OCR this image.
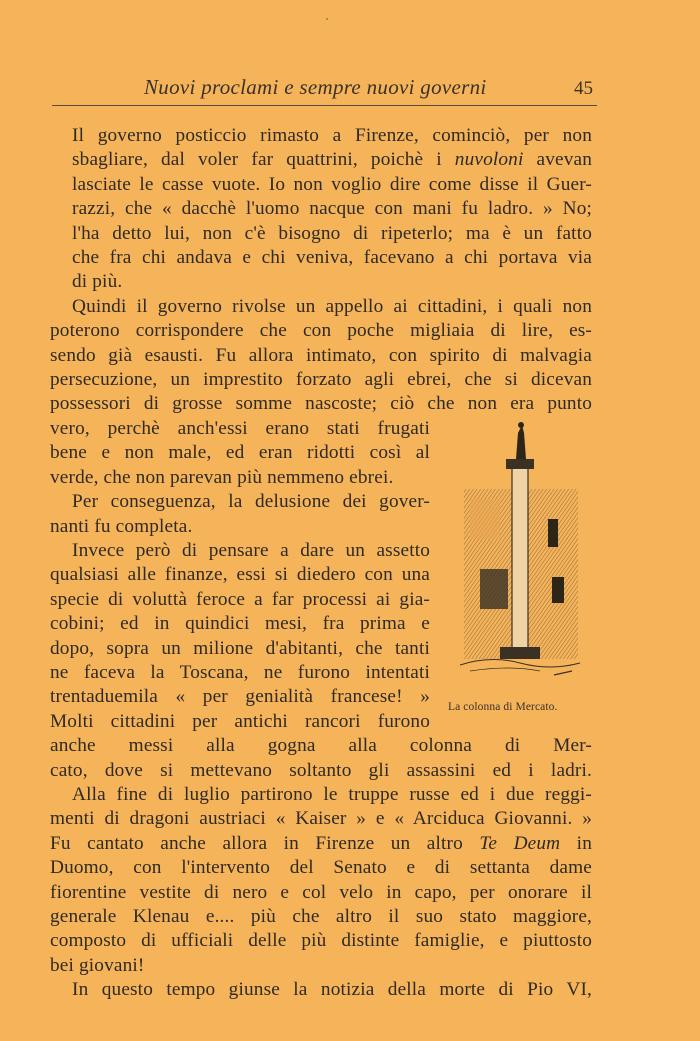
Nuovi proclami e sempre nuovi governi	45

Il governo posticcio rimasto a Firenze, cominciò, per non
sbagliare, dal voler far quattrini, poichè i nuvoloni avevan
lasciate le casse vuote. Io non voglio dire come disse il Guer-
razzi, che « dacchè l'uomo nacque con mani fu ladro. » No;
l'ha detto lui, non c'è bisogno di ripeterlo; ma è un fatto
che fra chi andava e chi veniva, facevano a chi portava via
di più.

Quindi il governo rivolse un appello ai cittadini, i quali non
poterono corrispondere che con poche migliaia di lire, es-
sendo già esausti. Fu allora intimato, con spirito di malvagia
persecuzione, un imprestito forzato agli ebrei, che si dicevan
possessori di grosse somme nascoste; ciò che non era punto

La colonna di Mercato.

vero, perchè anch'essi erano stati frugati
bene e non male, ed eran ridotti così al
verde, che non parevan più nemmeno ebrei.

Per conseguenza, la delusione dei gover-
nanti fu completa.

Invece però di pensare a dare un assetto
qualsiasi alle finanze, essi si diedero con una
specie di voluttà feroce a far processi ai gia-
cobini; ed in quindici mesi, fra prima e
dopo, sopra un milione d'abitanti, che tanti
ne faceva la Toscana, ne furono intentati
trentaduemila « per genialità francese! »
Molti cittadini per antichi rancori furono
anche messi alla gogna alla colonna di Mer-
cato, dove si mettevano soltanto gli assassini ed i ladri.

Alla fine di luglio partirono le truppe russe ed i due reggi-
menti di dragoni austriaci « Kaiser » e « Arciduca Giovanni. »
Fu cantato anche allora in Firenze un altro Te Deum in
Duomo, con l'intervento del Senato e di settanta dame
fiorentine vestite di nero e col velo in capo, per onorare il
generale Klenau e.... più che altro il suo stato maggiore,
composto di ufficiali delle più distinte famiglie, e piuttosto
bei giovani!

In questo tempo giunse la notizia della morte di Pio VI,
